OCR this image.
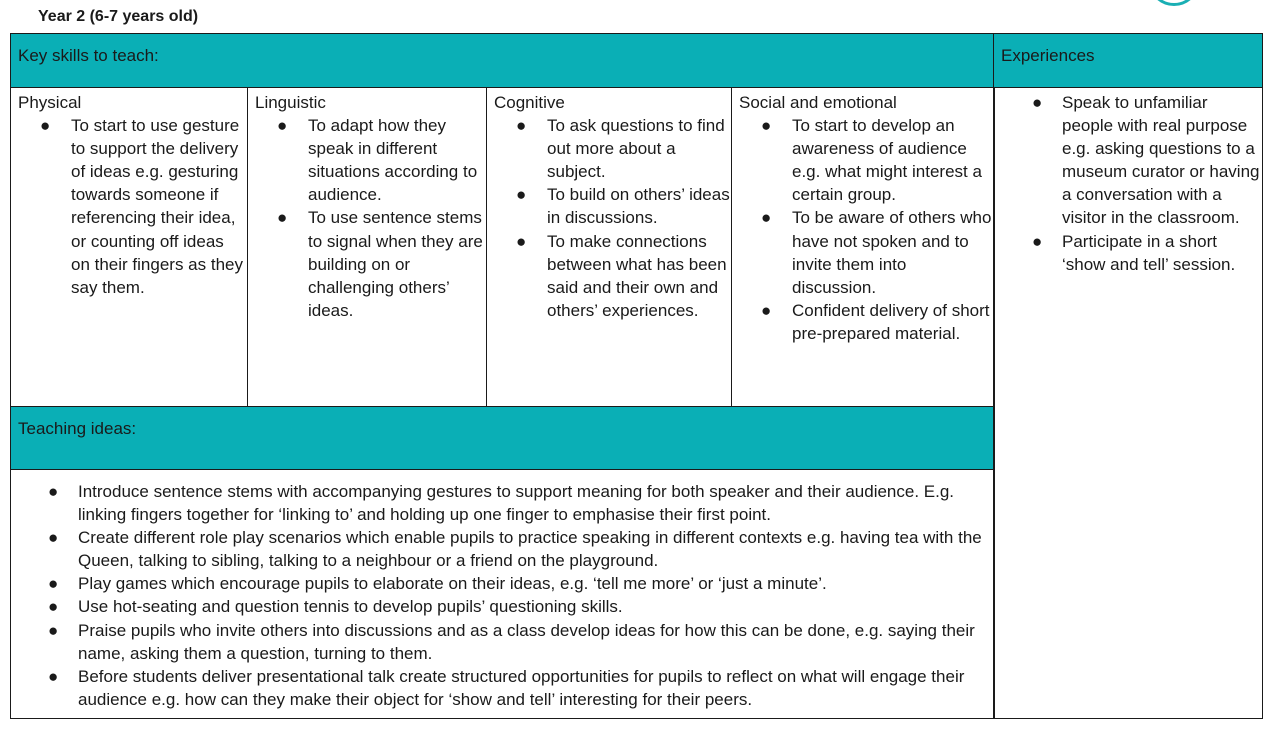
Year 2 (6-7 years old)
Key skills to teach:	Experiences
Physical
● To start to use gesture to support the delivery of ideas e.g. gesturing towards someone if referencing their idea, or counting off ideas on their fingers as they say them.
Linguistic
● To adapt how they speak in different situations according to audience.
● To use sentence stems to signal when they are building on or challenging others’ ideas.
Cognitive
● To ask questions to find out more about a subject.
● To build on others’ ideas in discussions.
● To make connections between what has been said and their own and others’ experiences.
Social and emotional
● To start to develop an awareness of audience e.g. what might interest a certain group.
● To be aware of others who have not spoken and to invite them into discussion.
● Confident delivery of short pre-prepared material.
● Speak to unfamiliar people with real purpose e.g. asking questions to a museum curator or having a conversation with a visitor in the classroom.
● Participate in a short ‘show and tell’ session.
Teaching ideas:
● Introduce sentence stems with accompanying gestures to support meaning for both speaker and their audience. E.g. linking fingers together for ‘linking to’ and holding up one finger to emphasise their first point.
● Create different role play scenarios which enable pupils to practice speaking in different contexts e.g. having tea with the Queen, talking to sibling, talking to a neighbour or a friend on the playground.
● Play games which encourage pupils to elaborate on their ideas, e.g. ‘tell me more’ or ‘just a minute’.
● Use hot-seating and question tennis to develop pupils’ questioning skills.
● Praise pupils who invite others into discussions and as a class develop ideas for how this can be done, e.g. saying their name, asking them a question, turning to them.
● Before students deliver presentational talk create structured opportunities for pupils to reflect on what will engage their audience e.g. how can they make their object for ‘show and tell’ interesting for their peers.
